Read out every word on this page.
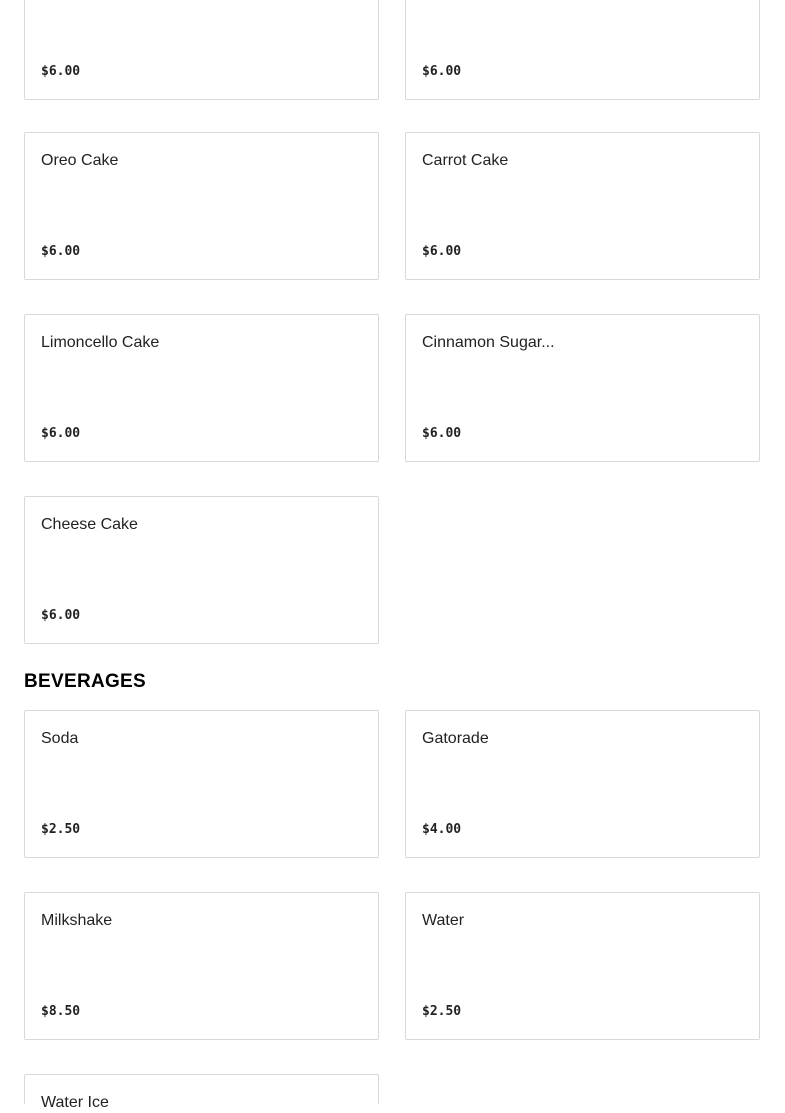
$6.00	$6.00
Oreo Cake
$6.00
Carrot Cake
$6.00
Limoncello Cake
$6.00
Cinnamon Sugar...
$6.00
Cheese Cake
$6.00
BEVERAGES
Soda
$2.50
Gatorade
$4.00
Milkshake
$8.50
Water
$2.50
Water Ice
